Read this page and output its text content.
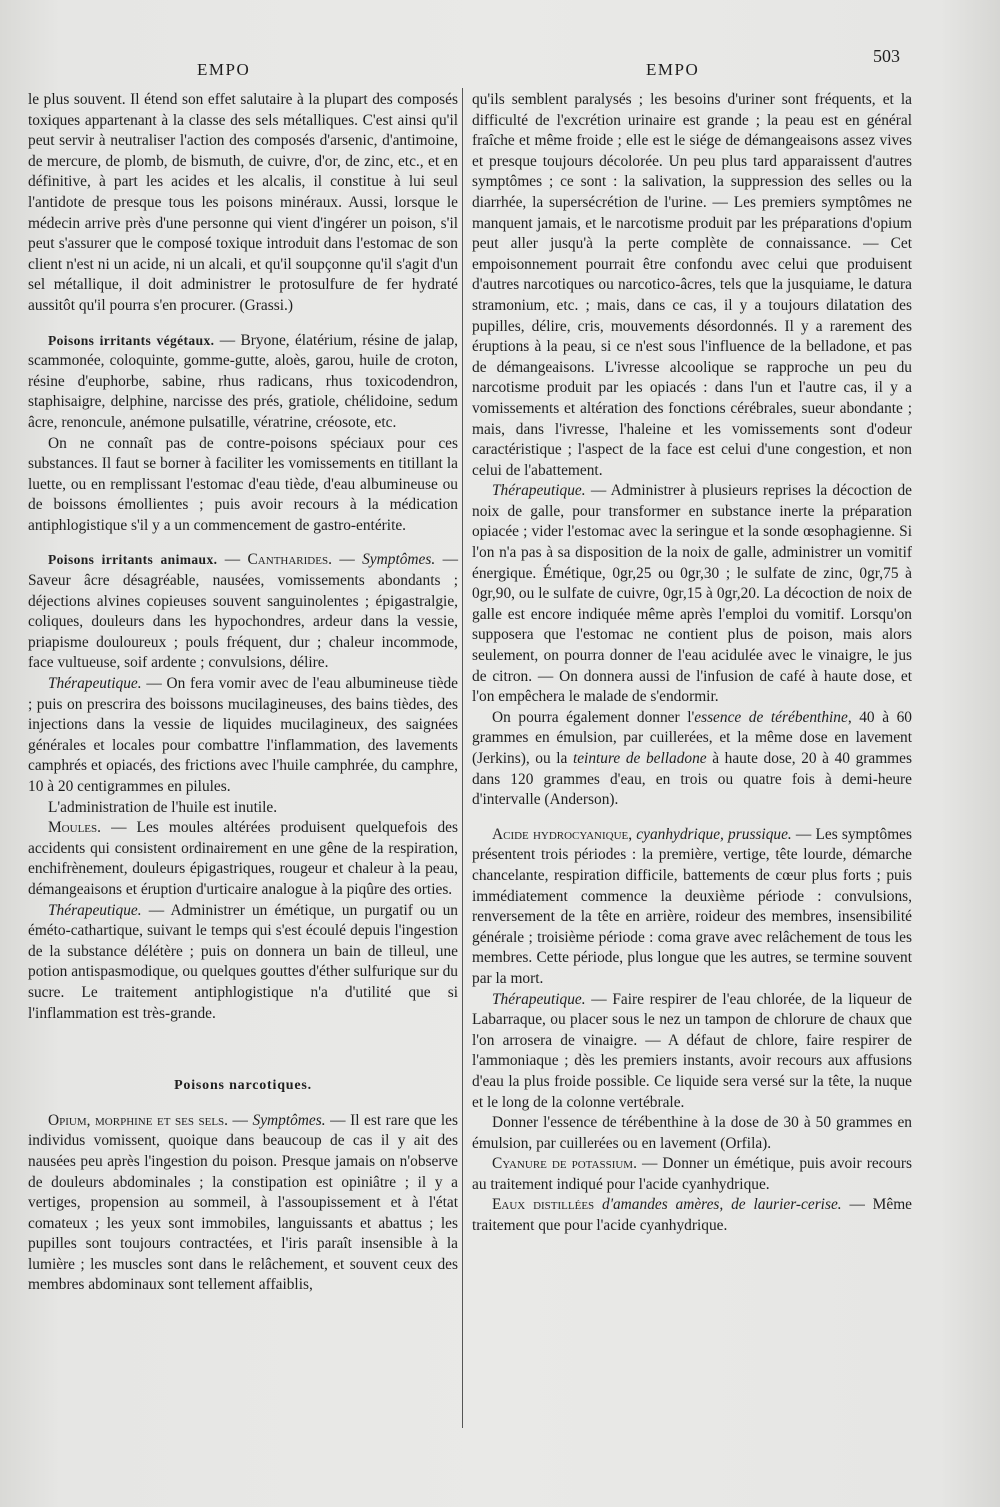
EMPO	EMPO
503

le plus souvent. Il étend son effet salutaire à la plupart des composés toxiques appartenant à la classe des sels métalliques. C'est ainsi qu'il peut servir à neutraliser l'action des composés d'arsenic, d'antimoine, de mercure, de plomb, de bismuth, de cuivre, d'or, de zinc, etc., et en définitive, à part les acides et les alcalis, il constitue à lui seul l'antidote de presque tous les poisons minéraux. Aussi, lorsque le médecin arrive près d'une personne qui vient d'ingérer un poison, s'il peut s'assurer que le composé toxique introduit dans l'estomac de son client n'est ni un acide, ni un alcali, et qu'il soupçonne qu'il s'agit d'un sel métallique, il doit administrer le protosulfure de fer hydraté aussitôt qu'il pourra s'en procurer. (Grassi.)

Poisons irritants végétaux. — Bryone, élatérium, résine de jalap, scammonée, coloquinte, gomme-gutte, aloès, garou, huile de croton, résine d'euphorbe, sabine, rhus radicans, rhus toxicodendron, staphisaigre, delphine, narcisse des prés, gratiole, chélidoine, sedum âcre, renoncule, anémone pulsatille, vératrine, créosote, etc.

On ne connaît pas de contre-poisons spéciaux pour ces substances. Il faut se borner à faciliter les vomissements en titillant la luette, ou en remplissant l'estomac d'eau tiède, d'eau albumineuse ou de boissons émollientes ; puis avoir recours à la médication antiphlogistique s'il y a un commencement de gastro-entérite.

Poisons irritants animaux. — Cantharides. — Symptômes. — Saveur âcre désagréable, nausées, vomissements abondants ; déjections alvines copieuses souvent sanguinolentes ; épigastralgie, coliques, douleurs dans les hypochondres, ardeur dans la vessie, priapisme douloureux ; pouls fréquent, dur ; chaleur incommode, face vultueuse, soif ardente ; convulsions, délire.

Thérapeutique. — On fera vomir avec de l'eau albumineuse tiède ; puis on prescrira des boissons mucilagineuses, des bains tièdes, des injections dans la vessie de liquides mucilagineux, des saignées générales et locales pour combattre l'inflammation, des lavements camphrés et opiacés, des frictions avec l'huile camphrée, du camphre, 10 à 20 centigrammes en pilules.

L'administration de l'huile est inutile.

Moules. — Les moules altérées produisent quelquefois des accidents qui consistent ordinairement en une gêne de la respiration, enchifrènement, douleurs épigastriques, rougeur et chaleur à la peau, démangeaisons et éruption d'urticaire analogue à la piqûre des orties.

Thérapeutique. — Administrer un émétique, un purgatif ou un éméto-cathartique, suivant le temps qui s'est écoulé depuis l'ingestion de la substance délétère ; puis on donnera un bain de tilleul, une potion antispasmodique, ou quelques gouttes d'éther sulfurique sur du sucre. Le traitement antiphlogistique n'a d'utilité que si l'inflammation est très-grande.

Poisons narcotiques.

Opium, morphine et ses sels. — Symptômes. — Il est rare que les individus vomissent, quoique dans beaucoup de cas il y ait des nausées peu après l'ingestion du poison. Presque jamais on n'observe de douleurs abdominales ; la constipation est opiniâtre ; il y a vertiges, propension au sommeil, à l'assoupissement et à l'état comateux ; les yeux sont immobiles, languissants et abattus ; les pupilles sont toujours contractées, et l'iris paraît insensible à la lumière ; les muscles sont dans le relâchement, et souvent ceux des membres abdominaux sont tellement affaiblis,

qu'ils semblent paralysés ; les besoins d'uriner sont fréquents, et la difficulté de l'excrétion urinaire est grande ; la peau est en général fraîche et même froide ; elle est le siége de démangeaisons assez vives et presque toujours décolorée. Un peu plus tard apparaissent d'autres symptômes ; ce sont : la salivation, la suppression des selles ou la diarrhée, la supersécrétion de l'urine. — Les premiers symptômes ne manquent jamais, et le narcotisme produit par les préparations d'opium peut aller jusqu'à la perte complète de connaissance. — Cet empoisonnement pourrait être confondu avec celui que produisent d'autres narcotiques ou narcotico-âcres, tels que la jusquiame, le datura stramonium, etc. ; mais, dans ce cas, il y a toujours dilatation des pupilles, délire, cris, mouvements désordonnés. Il y a rarement des éruptions à la peau, si ce n'est sous l'influence de la belladone, et pas de démangeaisons. L'ivresse alcoolique se rapproche un peu du narcotisme produit par les opiacés : dans l'un et l'autre cas, il y a vomissements et altération des fonctions cérébrales, sueur abondante ; mais, dans l'ivresse, l'haleine et les vomissements sont d'odeur caractéristique ; l'aspect de la face est celui d'une congestion, et non celui de l'abattement.

Thérapeutique. — Administrer à plusieurs reprises la décoction de noix de galle, pour transformer en substance inerte la préparation opiacée ; vider l'estomac avec la seringue et la sonde œsophagienne. Si l'on n'a pas à sa disposition de la noix de galle, administrer un vomitif énergique. Émétique, 0gr,25 ou 0gr,30 ; le sulfate de zinc, 0gr,75 à 0gr,90, ou le sulfate de cuivre, 0gr,15 à 0gr,20. La décoction de noix de galle est encore indiquée même après l'emploi du vomitif. Lorsqu'on supposera que l'estomac ne contient plus de poison, mais alors seulement, on pourra donner de l'eau acidulée avec le vinaigre, le jus de citron. — On donnera aussi de l'infusion de café à haute dose, et l'on empêchera le malade de s'endormir.

On pourra également donner l'essence de térébenthine, 40 à 60 grammes en émulsion, par cuillerées, et la même dose en lavement (Jerkins), ou la teinture de belladone à haute dose, 20 à 40 grammes dans 120 grammes d'eau, en trois ou quatre fois à demi-heure d'intervalle (Anderson).

Acide hydrocyanique, cyanhydrique, prussique. — Les symptômes présentent trois périodes : la première, vertige, tête lourde, démarche chancelante, respiration difficile, battements de cœur plus forts ; puis immédiatement commence la deuxième période : convulsions, renversement de la tête en arrière, roideur des membres, insensibilité générale ; troisième période : coma grave avec relâchement de tous les membres. Cette période, plus longue que les autres, se termine souvent par la mort.

Thérapeutique. — Faire respirer de l'eau chlorée, de la liqueur de Labarraque, ou placer sous le nez un tampon de chlorure de chaux que l'on arrosera de vinaigre. — A défaut de chlore, faire respirer de l'ammoniaque ; dès les premiers instants, avoir recours aux affusions d'eau la plus froide possible. Ce liquide sera versé sur la tête, la nuque et le long de la colonne vertébrale.

Donner l'essence de térébenthine à la dose de 30 à 50 grammes en émulsion, par cuillerées ou en lavement (Orfila).

Cyanure de potassium. — Donner un émétique, puis avoir recours au traitement indiqué pour l'acide cyanhydrique.

Eaux distillées d'amandes amères, de laurier-cerise. — Même traitement que pour l'acide cyanhydrique.
